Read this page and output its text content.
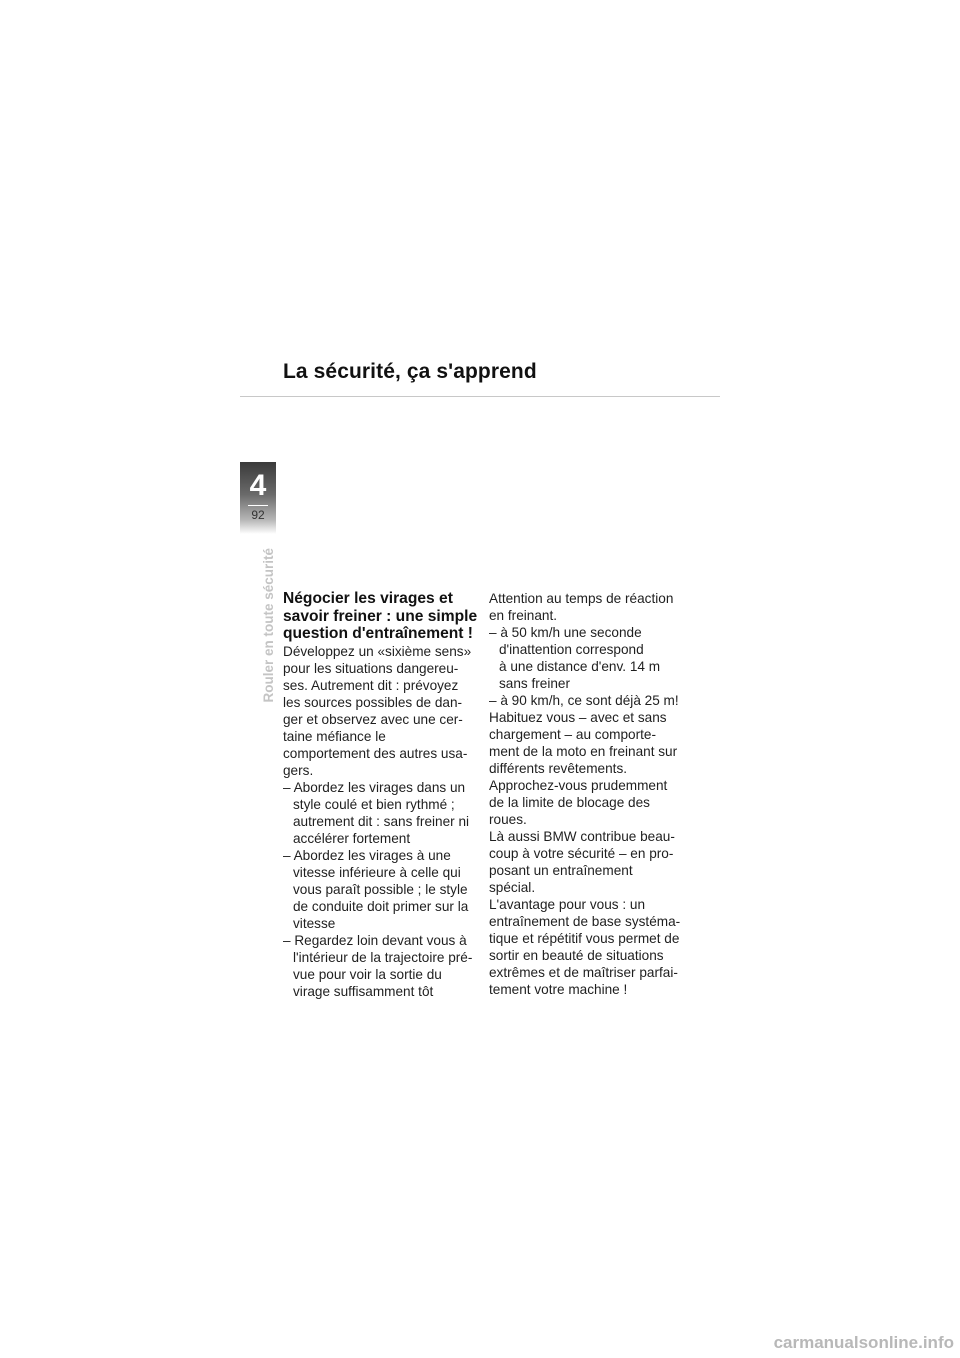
La sécurité, ça s'apprend
4
92
Rouler en toute sécurité Négocier les virages et
savoir freiner : une simple
question d'entraînement !
Développez un «sixième sens»
pour les situations dangereu-
ses. Autrement dit : prévoyez
les sources possibles de dan-
ger et observez avec une cer-
taine méfiance le
comportement des autres usa-
gers.
– Abordez les virages dans un
style coulé et bien rythmé ;
autrement dit : sans freiner ni
accélérer fortement
– Abordez les virages à une
vitesse inférieure à celle qui
vous paraît possible ; le style
de conduite doit primer sur la
vitesse
– Regardez loin devant vous à
l'intérieur de la trajectoire pré-
vue pour voir la sortie du
virage suffisamment tôt
Attention au temps de réaction
en freinant.
– à 50 km/h une seconde
d'inattention correspond
à une distance d'env. 14 m
sans freiner
– à 90 km/h, ce sont déjà 25 m!
Habituez vous – avec et sans
chargement – au comporte-
ment de la moto en freinant sur
différents revêtements.
Approchez-vous prudemment
de la limite de blocage des
roues.
Là aussi BMW contribue beau-
coup à votre sécurité – en pro-
posant un entraînement
spécial.
L'avantage pour vous : un
entraînement de base systéma-
tique et répétitif vous permet de
sortir en beauté de situations
extrêmes et de maîtriser parfai-
tement votre machine !
carmanualsonline.info
